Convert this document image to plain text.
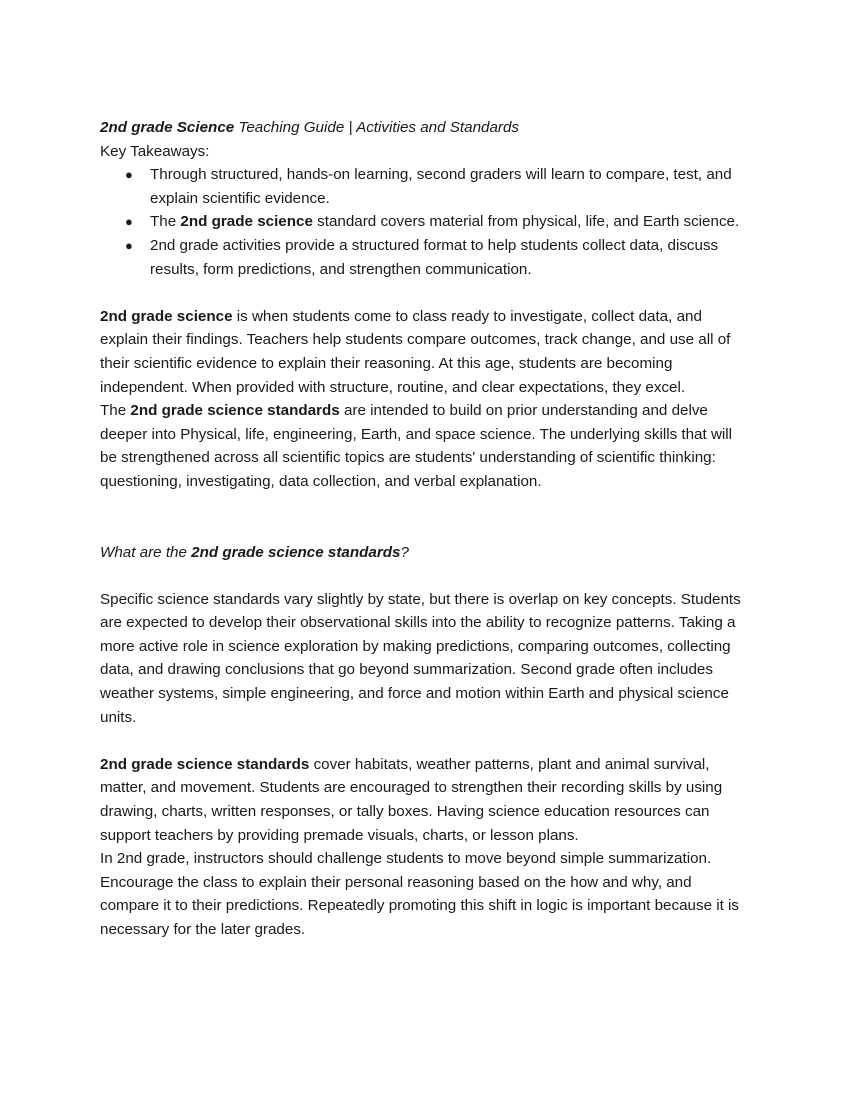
2nd grade Science Teaching Guide | Activities and Standards

Key Takeaways:

● Through structured, hands-on learning, second graders will learn to compare, test, and explain scientific evidence.
● The 2nd grade science standard covers material from physical, life, and Earth science.
● 2nd grade activities provide a structured format to help students collect data, discuss results, form predictions, and strengthen communication.

2nd grade science is when students come to class ready to investigate, collect data, and explain their findings. Teachers help students compare outcomes, track change, and use all of their scientific evidence to explain their reasoning. At this age, students are becoming independent. When provided with structure, routine, and clear expectations, they excel.

The 2nd grade science standards are intended to build on prior understanding and delve deeper into Physical, life, engineering, Earth, and space science. The underlying skills that will be strengthened across all scientific topics are students' understanding of scientific thinking: questioning, investigating, data collection, and verbal explanation.

What are the 2nd grade science standards?

Specific science standards vary slightly by state, but there is overlap on key concepts. Students are expected to develop their observational skills into the ability to recognize patterns. Taking a more active role in science exploration by making predictions, comparing outcomes, collecting data, and drawing conclusions that go beyond summarization. Second grade often includes weather systems, simple engineering, and force and motion within Earth and physical science units.

2nd grade science standards cover habitats, weather patterns, plant and animal survival, matter, and movement. Students are encouraged to strengthen their recording skills by using drawing, charts, written responses, or tally boxes. Having science education resources can support teachers by providing premade visuals, charts, or lesson plans.

In 2nd grade, instructors should challenge students to move beyond simple summarization. Encourage the class to explain their personal reasoning based on the how and why, and compare it to their predictions. Repeatedly promoting this shift in logic is important because it is necessary for the later grades.
